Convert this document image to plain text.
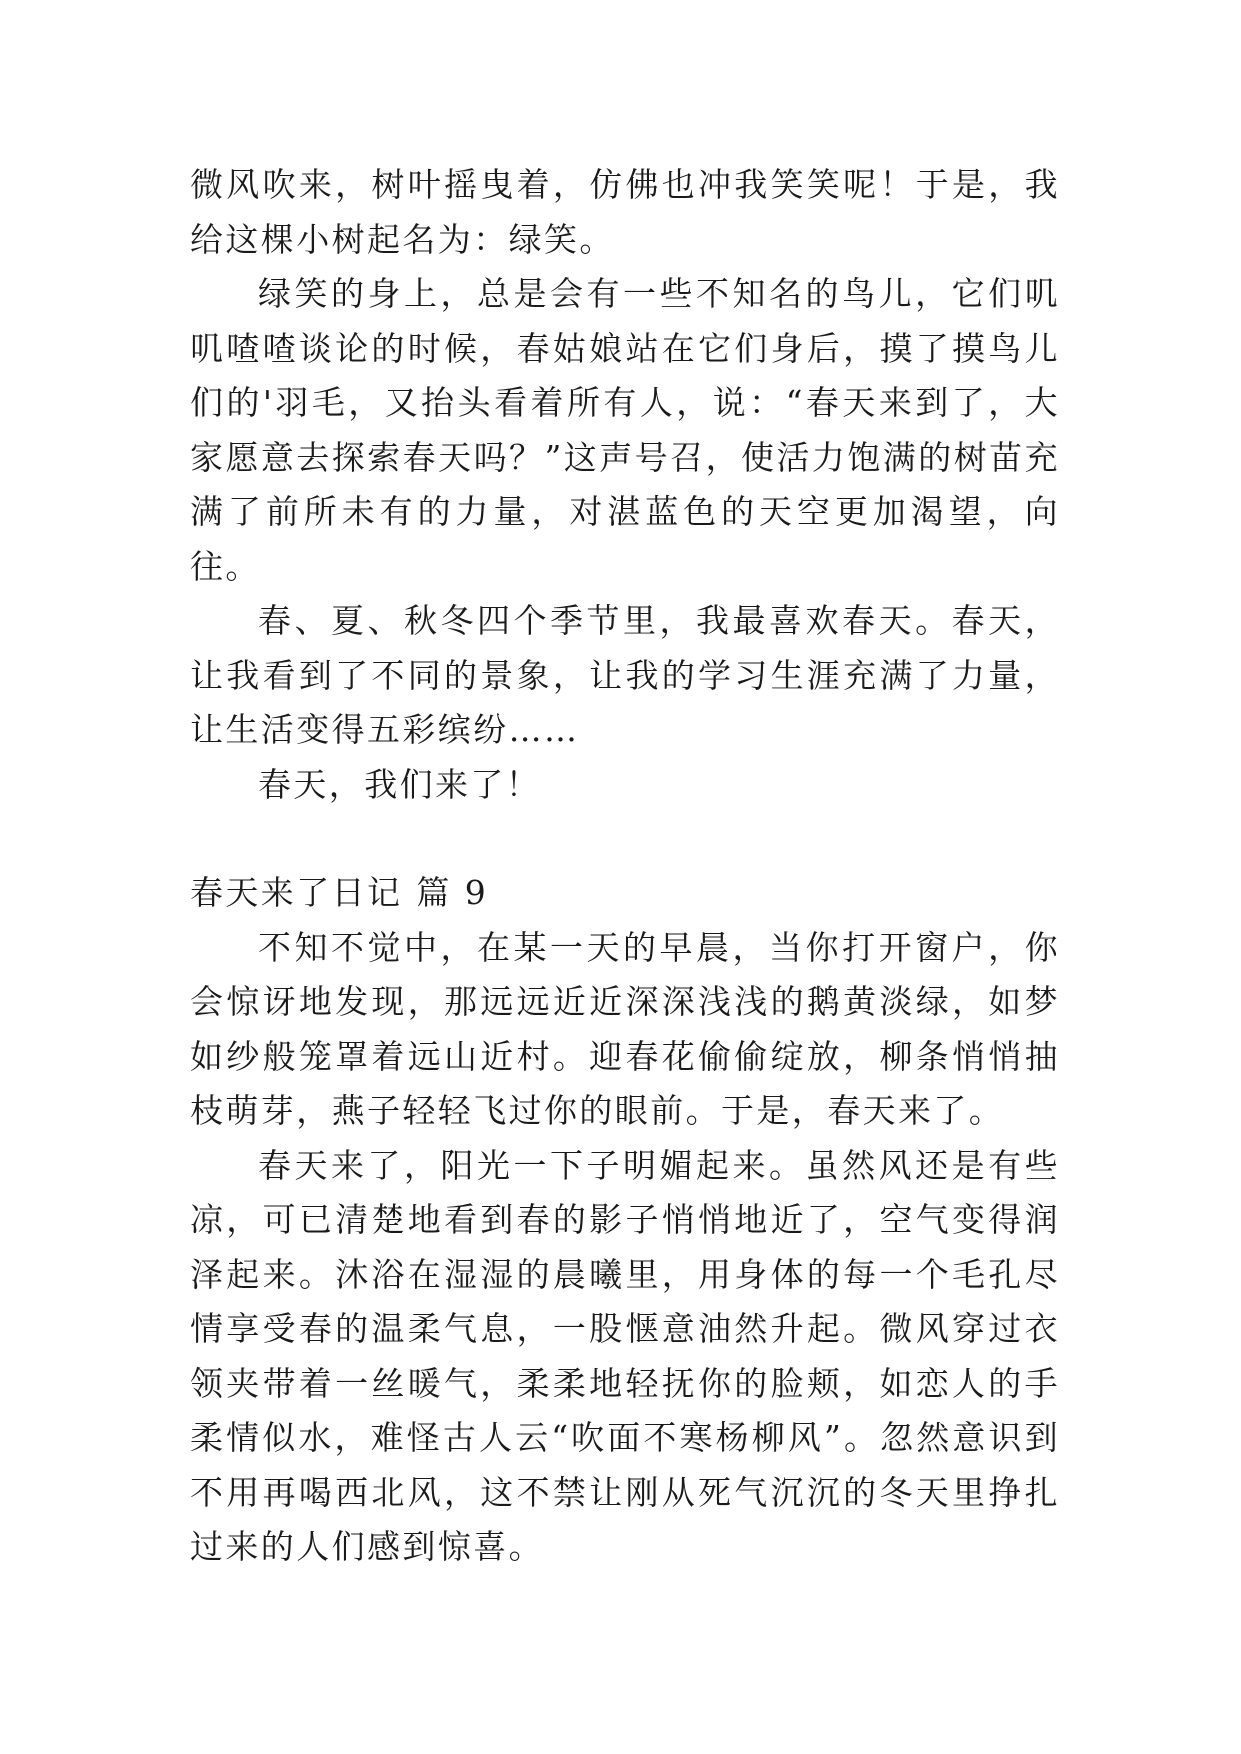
微风吹来，树叶摇曳着，仿佛也冲我笑笑呢！于是，我给这棵小树起名为：绿笑。

绿笑的身上，总是会有一些不知名的鸟儿，它们叽叽喳喳谈论的时候，春姑娘站在它们身后，摸了摸鸟儿们的'羽毛，又抬头看着所有人，说：“春天来到了，大家愿意去探索春天吗？”这声号召，使活力饱满的树苗充满了前所未有的力量，对湛蓝色的天空更加渴望，向往。

春、夏、秋冬四个季节里，我最喜欢春天。春天，让我看到了不同的景象，让我的学习生涯充满了力量，让生活变得五彩缤纷……

春天，我们来了！

春天来了日记 篇 9

不知不觉中，在某一天的早晨，当你打开窗户，你会惊讶地发现，那远远近近深深浅浅的鹅黄淡绿，如梦如纱般笼罩着远山近村。迎春花偷偷绽放，柳条悄悄抽枝萌芽，燕子轻轻飞过你的眼前。于是，春天来了。

春天来了，阳光一下子明媚起来。虽然风还是有些凉，可已清楚地看到春的影子悄悄地近了，空气变得润泽起来。沐浴在湿湿的晨曦里，用身体的每一个毛孔尽情享受春的温柔气息，一股惬意油然升起。微风穿过衣领夹带着一丝暖气，柔柔地轻抚你的脸颊，如恋人的手柔情似水，难怪古人云“吹面不寒杨柳风”。忽然意识到不用再喝西北风，这不禁让刚从死气沉沉的冬天里挣扎过来的人们感到惊喜。
